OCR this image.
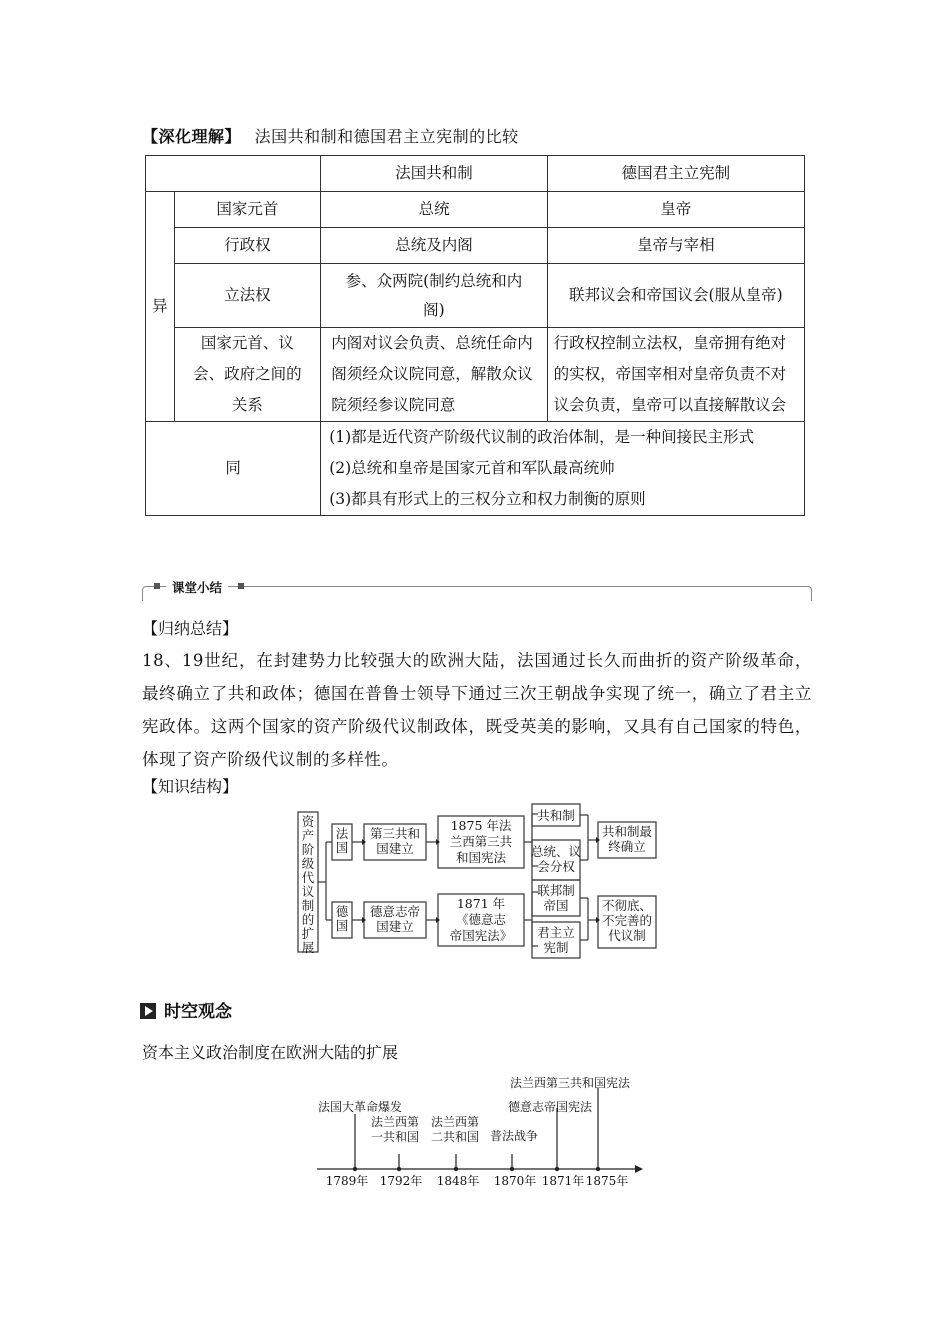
【深化理解】 法国共和制和德国君主立宪制的比较
		法国共和制	德国君主立宪制
异	国家元首	总统	皇帝
	行政权	总统及内阁	皇帝与宰相
	立法权	参、众两院(制约总统和内阁)	联邦议会和帝国议会(服从皇帝)
	国家元首、议会、政府之间的关系	内阁对议会负责、总统任命内阁须经众议院同意，解散众议院须经参议院同意	行政权控制立法权，皇帝拥有绝对的实权，帝国宰相对皇帝负责不对议会负责，皇帝可以直接解散议会
同		(1)都是近代资产阶级代议制的政治体制，是一种间接民主形式
(2)总统和皇帝是国家元首和军队最高统帅
(3)都具有形式上的三权分立和权力制衡的原则	
课堂小结
【归纳总结】
18、19世纪，在封建势力比较强大的欧洲大陆，法国通过长久而曲折的资产阶级革命，最终确立了共和政体；德国在普鲁士领导下通过三次王朝战争实现了统一，确立了君主立宪政体。这两个国家的资产阶级代议制政体，既受英美的影响，又具有自己国家的特色，体现了资产阶级代议制的多样性。
【知识结构】
资产阶级代议制的扩展
法国
德国
第三共和国建立
德意志帝国建立
1875 年法兰西第三共和国宪法
1871 年《德意志帝国宪法》
共和制
总统、议会分权
联邦制帝国
君主立宪制
共和制最终确立
不彻底、不完善的代议制
时空观念
资本主义政治制度在欧洲大陆的扩展
法国大革命爆发
法兰西第一共和国
法兰西第二共和国 普法战争
德意志帝国宪法
法兰西第三共和国宪法
1789年 1792年 1848年 1870年 1871年 1875年
